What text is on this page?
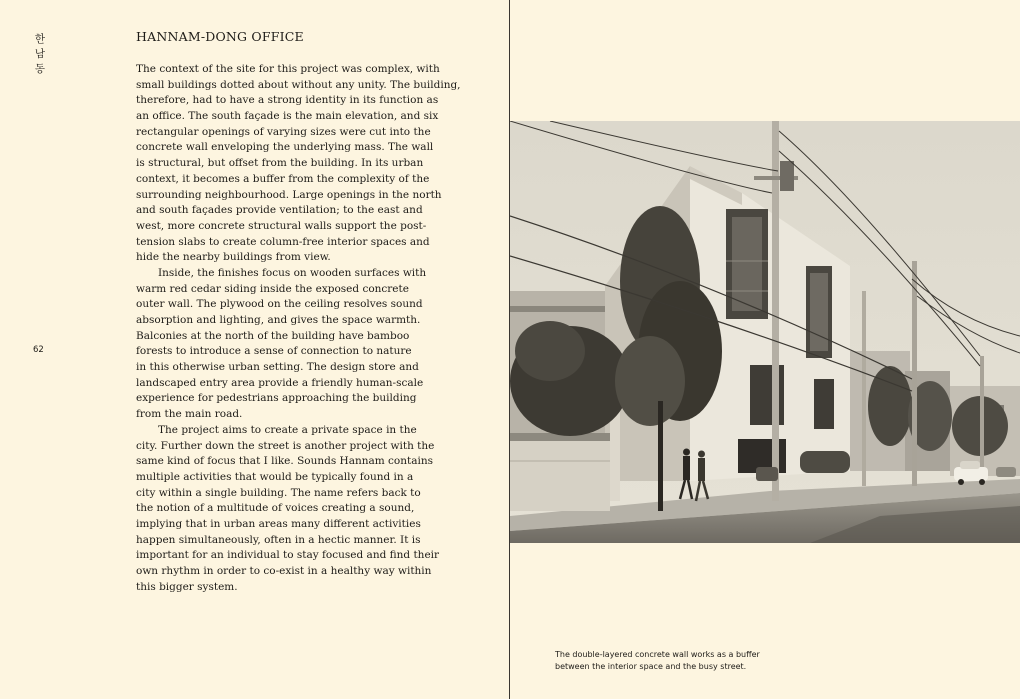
한
남
동
62
HANNAM-DONG OFFICE
The context of the site for this project was complex, with
small buildings dotted about without any unity. The building,
therefore, had to have a strong identity in its function as
an office. The south façade is the main elevation, and six
rectangular openings of varying sizes were cut into the
concrete wall enveloping the underlying mass. The wall
is structural, but offset from the building. In its urban
context, it becomes a buffer from the complexity of the
surrounding neighbourhood. Large openings in the north
and south façades provide ventilation; to the east and
west, more concrete structural walls support the post-
tension slabs to create column-free interior spaces and
hide the nearby buildings from view.
Inside, the finishes focus on wooden surfaces with
warm red cedar siding inside the exposed concrete
outer wall. The plywood on the ceiling resolves sound
absorption and lighting, and gives the space warmth.
Balconies at the north of the building have bamboo
forests to introduce a sense of connection to nature
in this otherwise urban setting. The design store and
landscaped entry area provide a friendly human-scale
experience for pedestrians approaching the building
from the main road.
The project aims to create a private space in the
city. Further down the street is another project with the
same kind of focus that I like. Sounds Hannam contains
multiple activities that would be typically found in a
city within a single building. The name refers back to
the notion of a multitude of voices creating a sound,
implying that in urban areas many different activities
happen simultaneously, often in a hectic manner. It is
important for an individual to stay focused and find their
own rhythm in order to co-exist in a healthy way within
this bigger system.
The double-layered concrete wall works as a buffer
between the interior space and the busy street.
